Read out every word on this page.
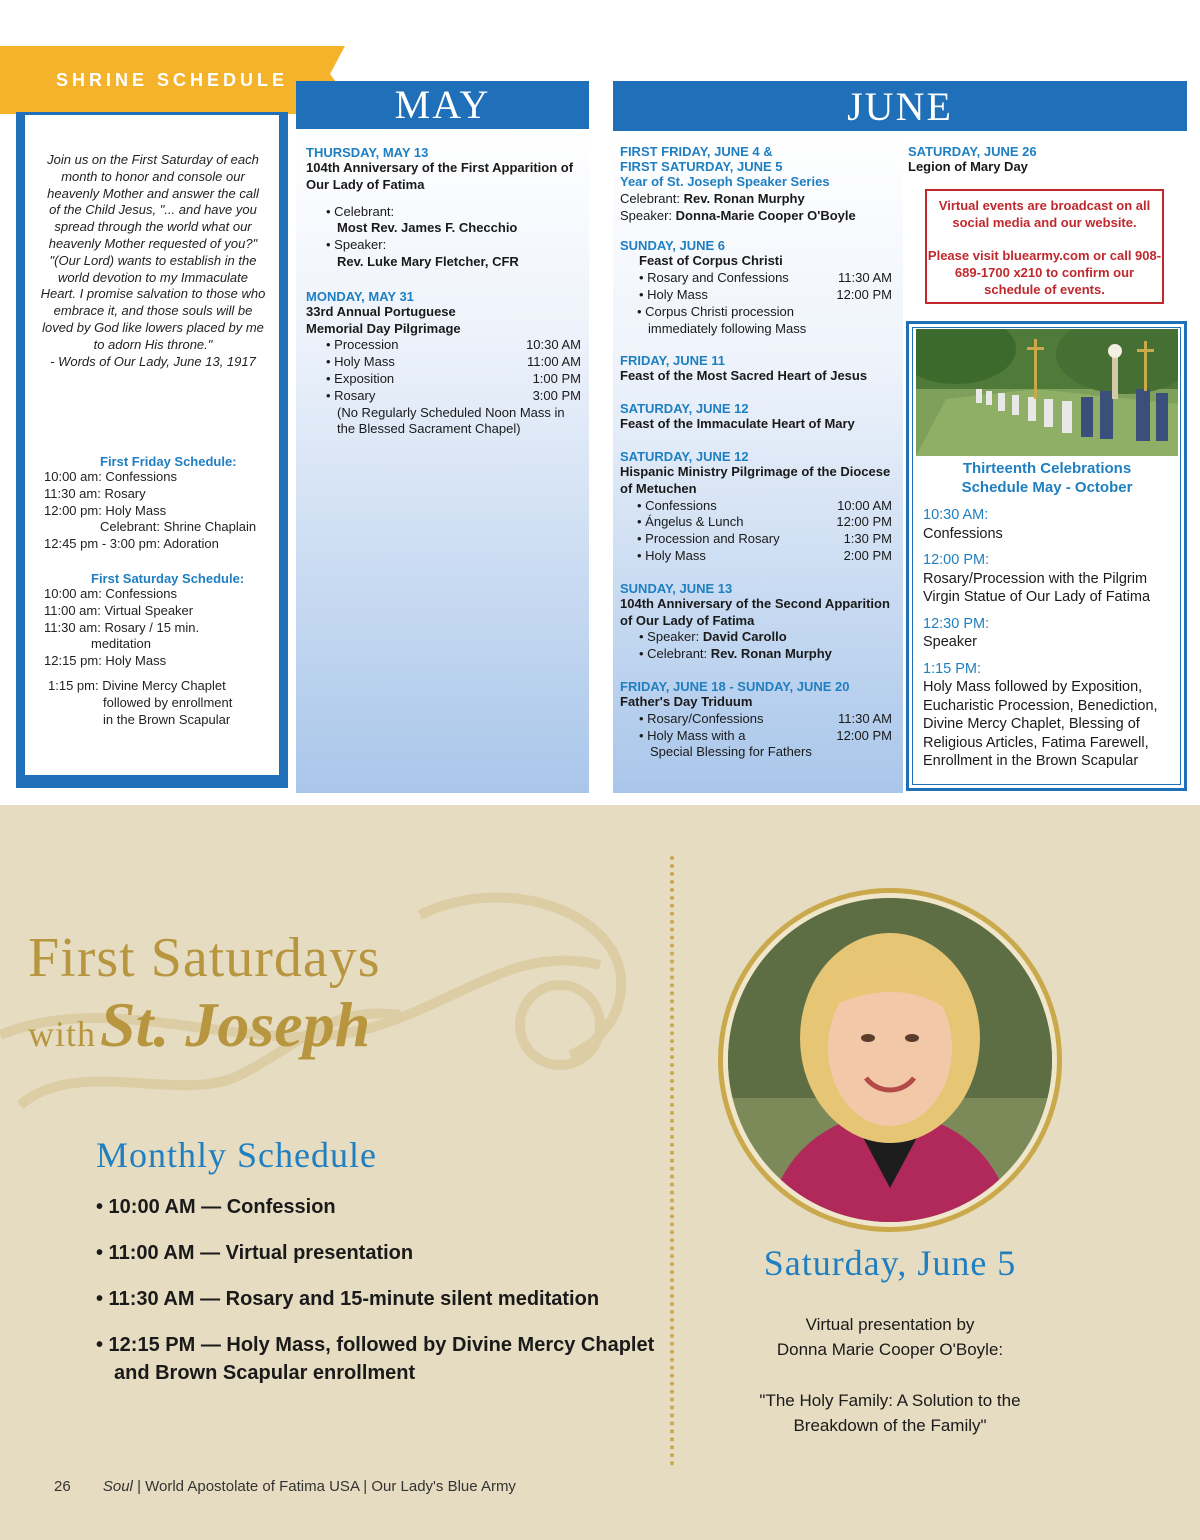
SHRINE SCHEDULE
MAY	JUNE
Join us on the First Saturday of each month to honor and console our heavenly Mother and answer the call of the Child Jesus, "... and have you spread through the world what our heavenly Mother requested of you?"
"(Our Lord) wants to establish in the world devotion to my Immaculate Heart. I promise salvation to those who embrace it, and those souls will be loved by God like lowers placed by me to adorn His throne."
- Words of Our Lady, June 13, 1917
First Friday Schedule:
10:00 am: Confessions
11:30 am: Rosary
12:00 pm: Holy Mass
Celebrant: Shrine Chaplain
12:45 pm - 3:00 pm: Adoration
First Saturday Schedule:
10:00 am: Confessions
11:00 am: Virtual Speaker
11:30 am: Rosary / 15 min.
meditation
12:15 pm: Holy Mass
1:15 pm: Divine Mercy Chaplet
followed by enrollment
in the Brown Scapular
THURSDAY, MAY 13
104th Anniversary of the First Apparition of Our Lady of Fatima
• Celebrant:
Most Rev. James F. Checchio
• Speaker:
Rev. Luke Mary Fletcher, CFR
MONDAY, MAY 31
33rd Annual Portuguese
Memorial Day Pilgrimage
• Procession	10:30 AM
• Holy Mass	11:00 AM
• Exposition	1:00 PM
• Rosary	3:00 PM
(No Regularly Scheduled Noon Mass in the Blessed Sacrament Chapel)
FIRST FRIDAY, JUNE 4 &
FIRST SATURDAY, JUNE 5
Year of St. Joseph Speaker Series
Celebrant: Rev. Ronan Murphy
Speaker: Donna-Marie Cooper O'Boyle
SUNDAY, JUNE 6
Feast of Corpus Christi
• Rosary and Confessions	11:30 AM
• Holy Mass	12:00 PM
• Corpus Christi procession
immediately following Mass
FRIDAY, JUNE 11
Feast of the Most Sacred Heart of Jesus
SATURDAY, JUNE 12
Feast of the Immaculate Heart of Mary
SATURDAY, JUNE 12
Hispanic Ministry Pilgrimage of the Diocese of Metuchen
• Confessions	10:00 AM
• Ángelus & Lunch	12:00 PM
• Procession and Rosary	1:30 PM
• Holy Mass	2:00 PM
SUNDAY, JUNE 13
104th Anniversary of the Second Apparition of Our Lady of Fatima
• Speaker: David Carollo
• Celebrant: Rev. Ronan Murphy
FRIDAY, JUNE 18 - SUNDAY, JUNE 20
Father's Day Triduum
• Rosary/Confessions	11:30 AM
• Holy Mass with a	12:00 PM
Special Blessing for Fathers
SATURDAY, JUNE 26
Legion of Mary Day
Virtual events are broadcast on all social media and our website.
Please visit bluearmy.com or call 908-689-1700 x210 to confirm our schedule of events.
Thirteenth Celebrations
Schedule May - October
10:30 AM:
Confessions
12:00 PM:
Rosary/Procession with the Pilgrim Virgin Statue of Our Lady of Fatima
12:30 PM:
Speaker
1:15 PM:
Holy Mass followed by Exposition, Eucharistic Procession, Benediction, Divine Mercy Chaplet, Blessing of Religious Articles, Fatima Farewell, Enrollment in the Brown Scapular
First Saturdays
with St. Joseph
Monthly Schedule
• 10:00 AM — Confession
• 11:00 AM — Virtual presentation
• 11:30 AM — Rosary and 15-minute silent meditation
• 12:15 PM — Holy Mass, followed by Divine Mercy Chaplet and Brown Scapular enrollment
Saturday, June 5
Virtual presentation by
Donna Marie Cooper O'Boyle:
"The Holy Family: A Solution to the
Breakdown of the Family"
26 Soul | World Apostolate of Fatima USA | Our Lady's Blue Army
